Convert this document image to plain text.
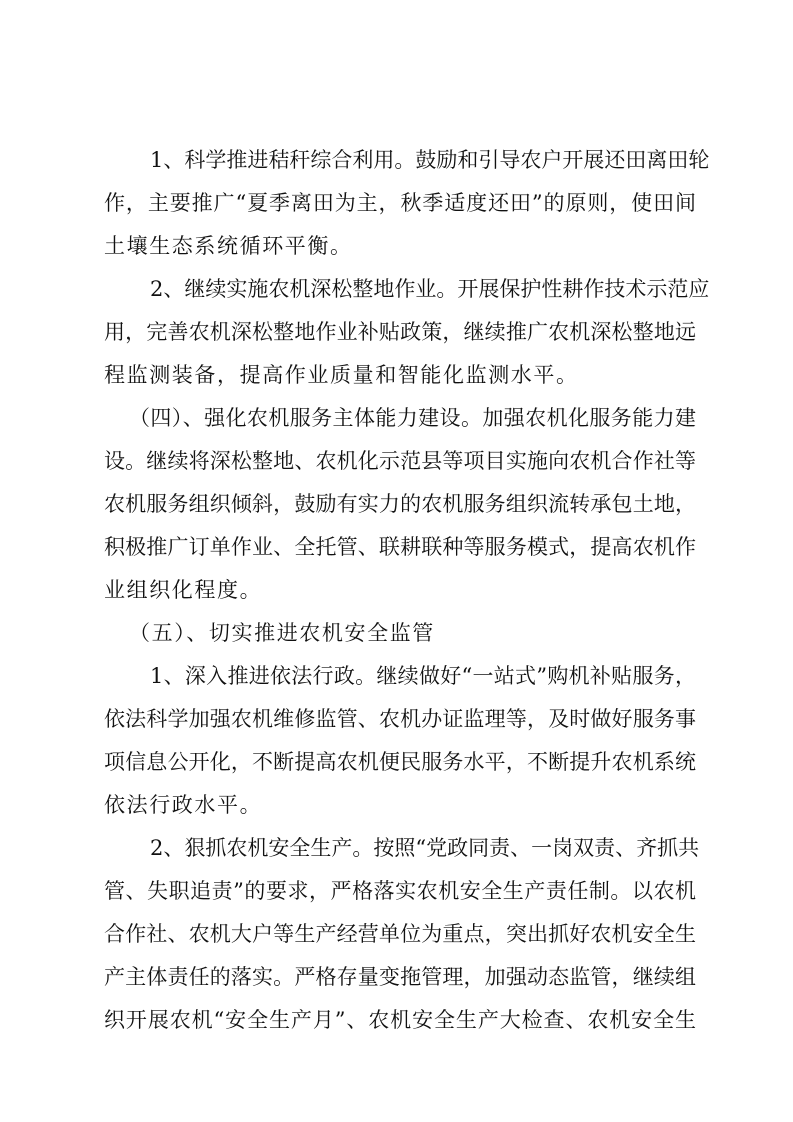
1、科学推进秸秆综合利用。鼓励和引导农户开展还田离田轮
作，主要推广“夏季离田为主，秋季适度还田”的原则，使田间
土壤生态系统循环平衡。
2、继续实施农机深松整地作业。开展保护性耕作技术示范应
用，完善农机深松整地作业补贴政策，继续推广农机深松整地远
程监测装备，提高作业质量和智能化监测水平。
（四）、强化农机服务主体能力建设。加强农机化服务能力建
设。继续将深松整地、农机化示范县等项目实施向农机合作社等
农机服务组织倾斜，鼓励有实力的农机服务组织流转承包土地，
积极推广订单作业、全托管、联耕联种等服务模式，提高农机作
业组织化程度。
（五）、切实推进农机安全监管
1、深入推进依法行政。继续做好“一站式”购机补贴服务，
依法科学加强农机维修监管、农机办证监理等，及时做好服务事
项信息公开化，不断提高农机便民服务水平，不断提升农机系统
依法行政水平。
2、狠抓农机安全生产。按照“党政同责、一岗双责、齐抓共
管、失职追责”的要求，严格落实农机安全生产责任制。以农机
合作社、农机大户等生产经营单位为重点，突出抓好农机安全生
产主体责任的落实。严格存量变拖管理，加强动态监管，继续组
织开展农机“安全生产月”、农机安全生产大检查、农机安全生
